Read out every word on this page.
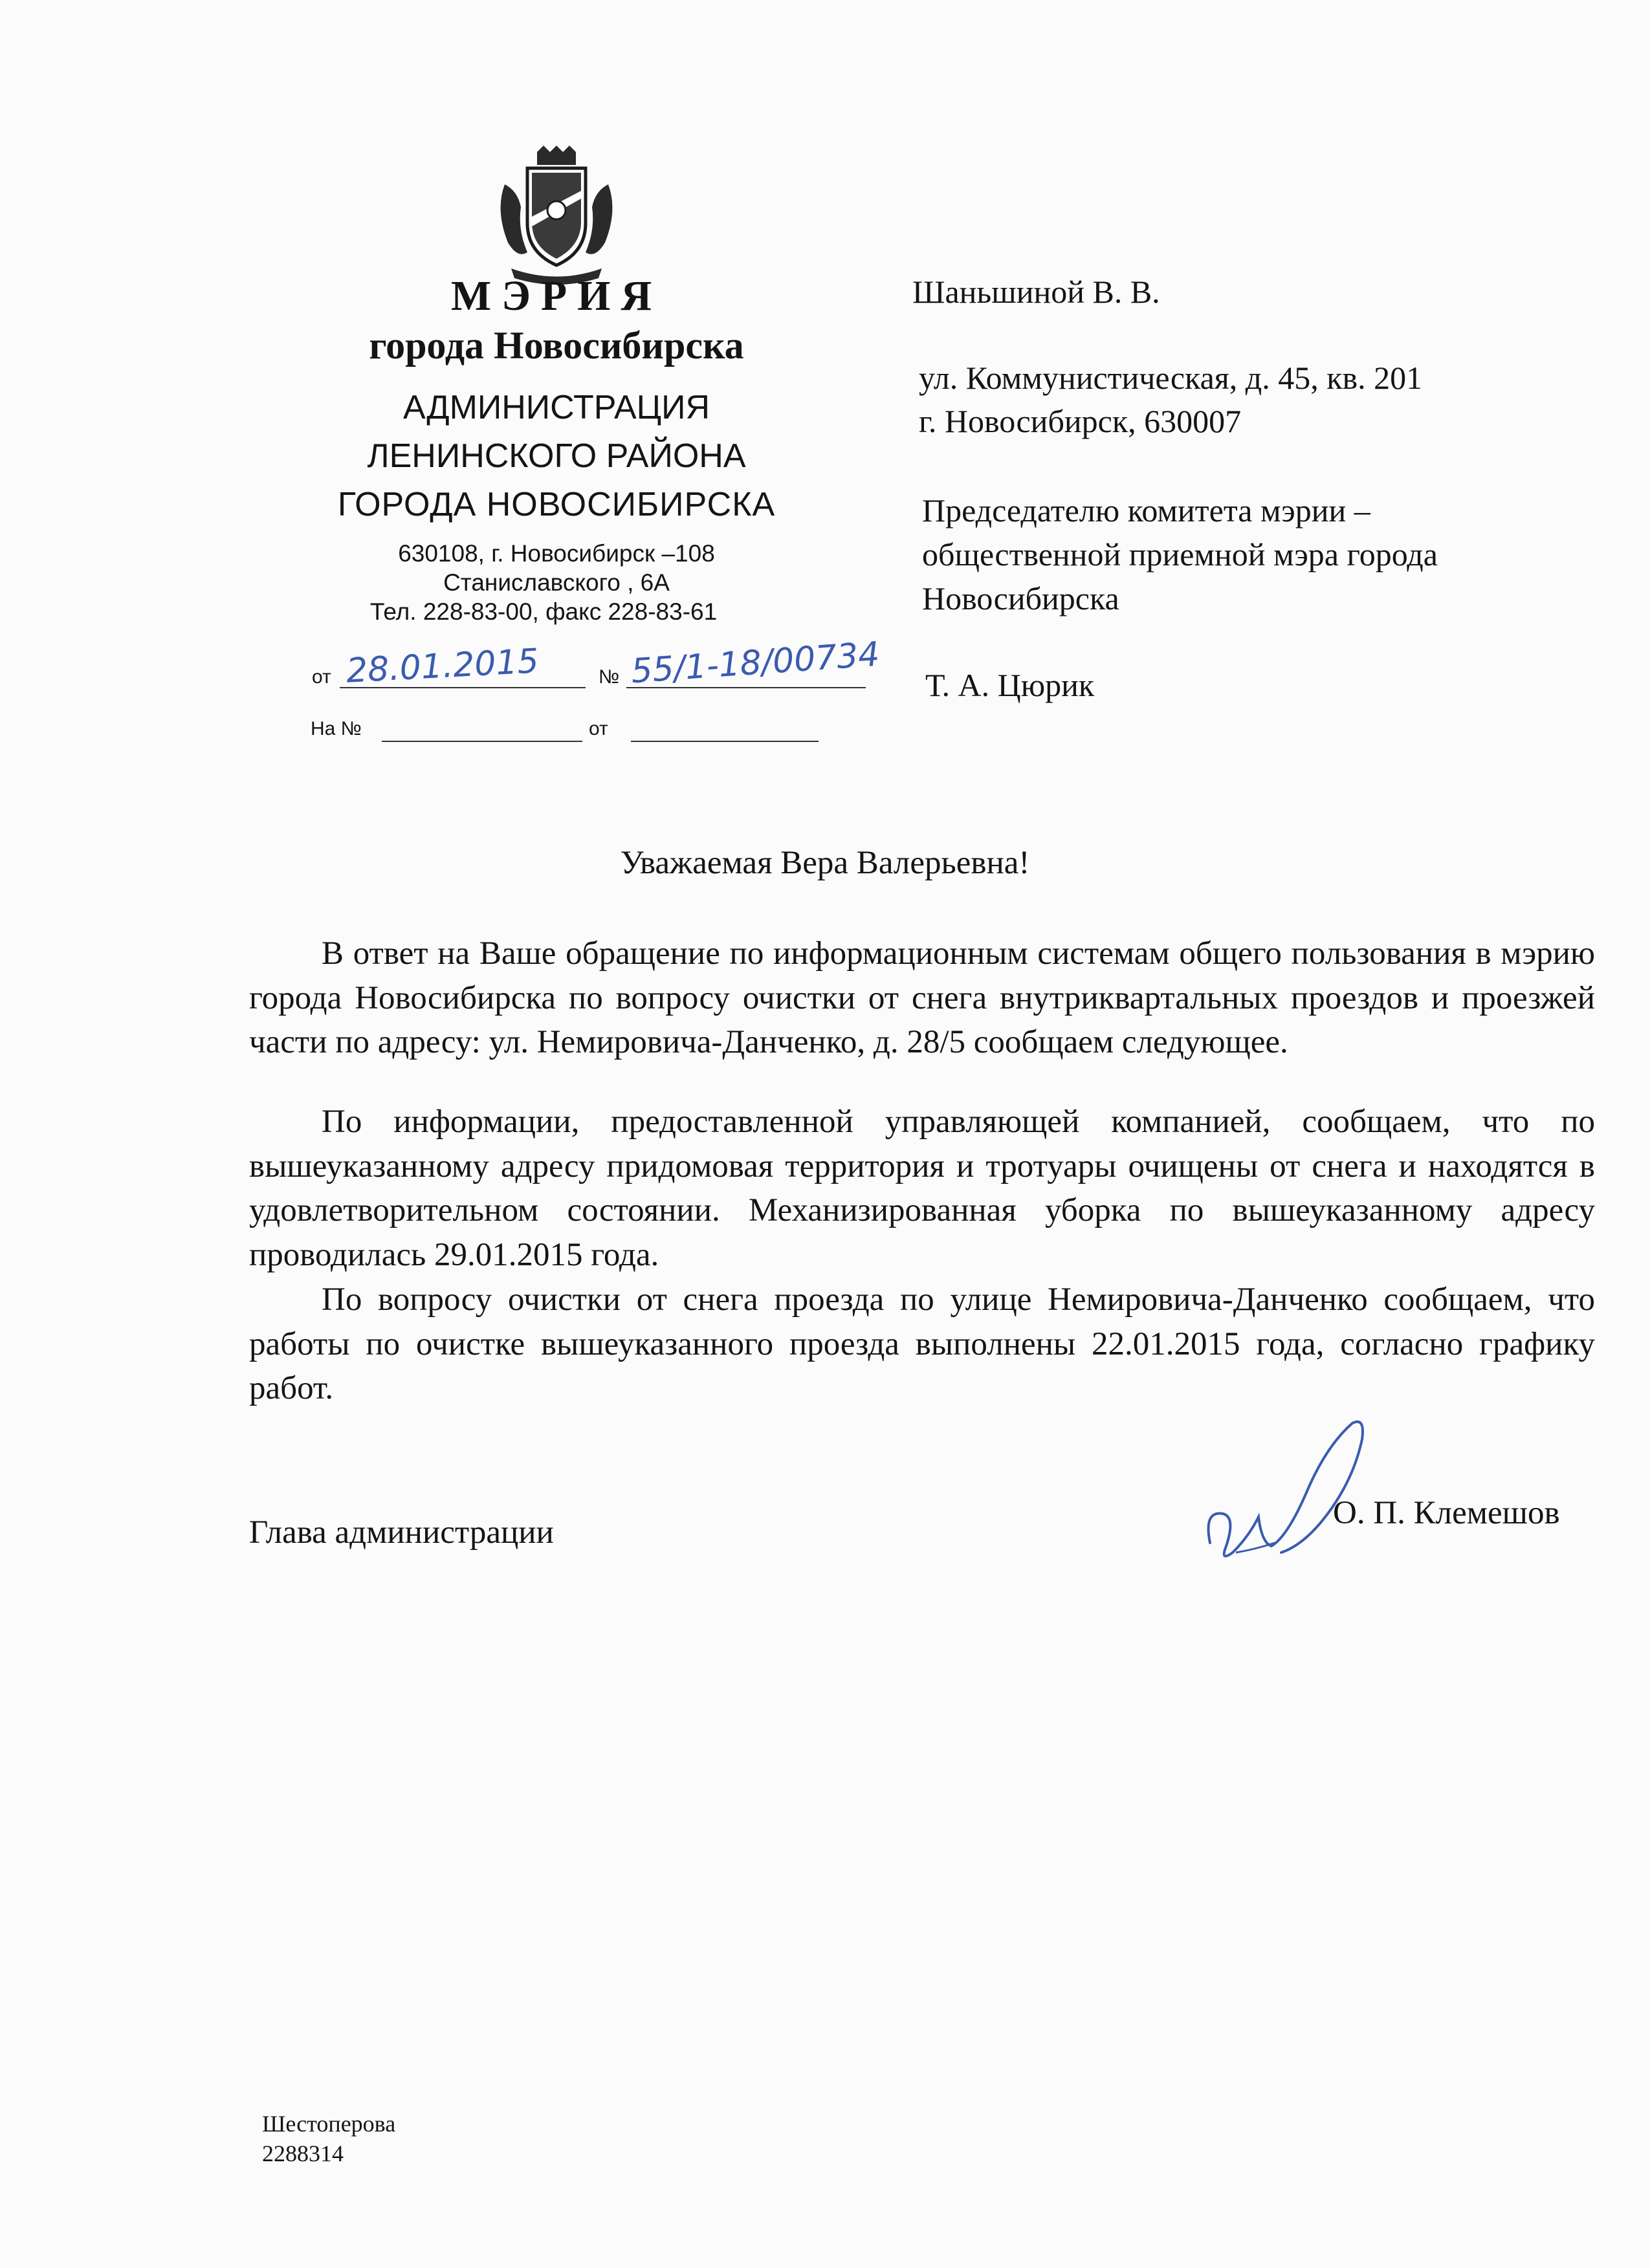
МЭРИЯ
города Новосибирска
АДМИНИСТРАЦИЯ
ЛЕНИНСКОГО РАЙОНА
ГОРОДА НОВОСИБИРСКА
630108, г. Новосибирск –108
Станиславского , 6А
Тел. 228-83-00, факс 228-83-61
от 28.01.2015	№ 55/1-18/00734
На №	от
Шаньшиной В. В.
ул. Коммунистическая, д. 45, кв. 201
г. Новосибирск, 630007
Председателю комитета мэрии –
общественной приемной мэра города
Новосибирска
Т. А. Цюрик
Уважаемая Вера Валерьевна!
В ответ на Ваше обращение по информационным системам общего пользования в мэрию города Новосибирска по вопросу очистки от снега внутриквартальных проездов и проезжей части по адресу: ул. Немировича-Данченко, д. 28/5 сообщаем следующее.
По информации, предоставленной управляющей компанией, сообщаем, что по вышеуказанному адресу придомовая территория и тротуары очищены от снега и находятся в удовлетворительном состоянии. Механизированная уборка по вышеуказанному адресу проводилась 29.01.2015 года.
По вопросу очистки от снега проезда по улице Немировича-Данченко сообщаем, что работы по очистке вышеуказанного проезда выполнены 22.01.2015 года, согласно графику работ.
Глава администрации
О. П. Клемешов
Шестоперова
2288314
